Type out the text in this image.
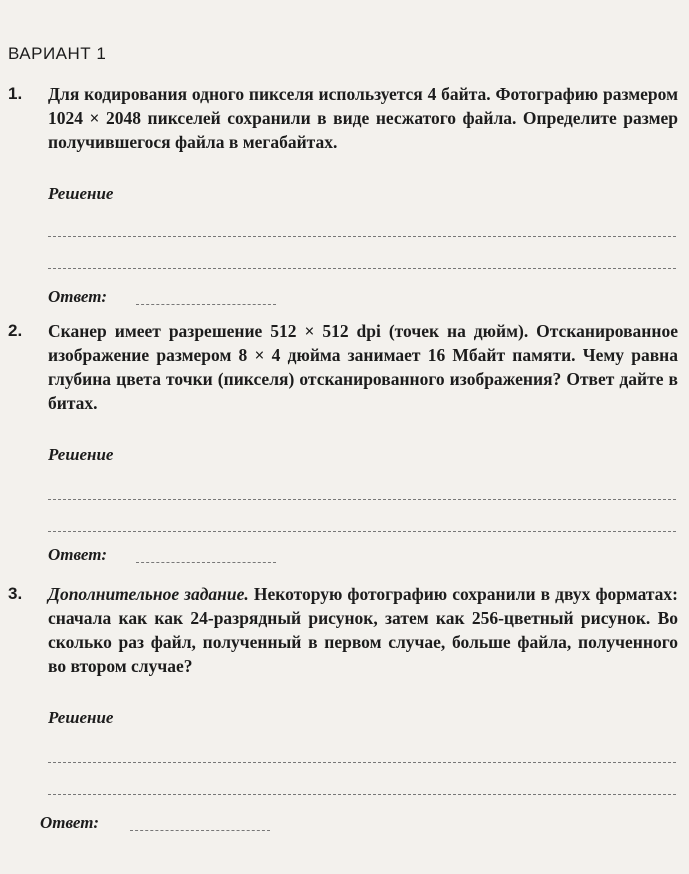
ВАРИАНТ 1
1. Для кодирования одного пикселя используется 4 байта. Фотографию размером 1024 × 2048 пикселей сохранили в виде несжатого файла. Определите размер получившегося файла в мегабайтах.

Решение
Ответ:
2. Сканер имеет разрешение 512 × 512 dpi (точек на дюйм). Отсканированное изображение размером 8 × 4 дюйма занимает 16 Мбайт памяти. Чему равна глубина цвета точки (пикселя) отсканированного изображения? Ответ дайте в битах.

Решение
Ответ:
3. Дополнительное задание. Некоторую фотографию сохранили в двух форматах: сначала как как 24-разрядный рисунок, затем как 256-цветный рисунок. Во сколько раз файл, полученный в первом случае, больше файла, полученного во втором случае?

Решение
Ответ:
